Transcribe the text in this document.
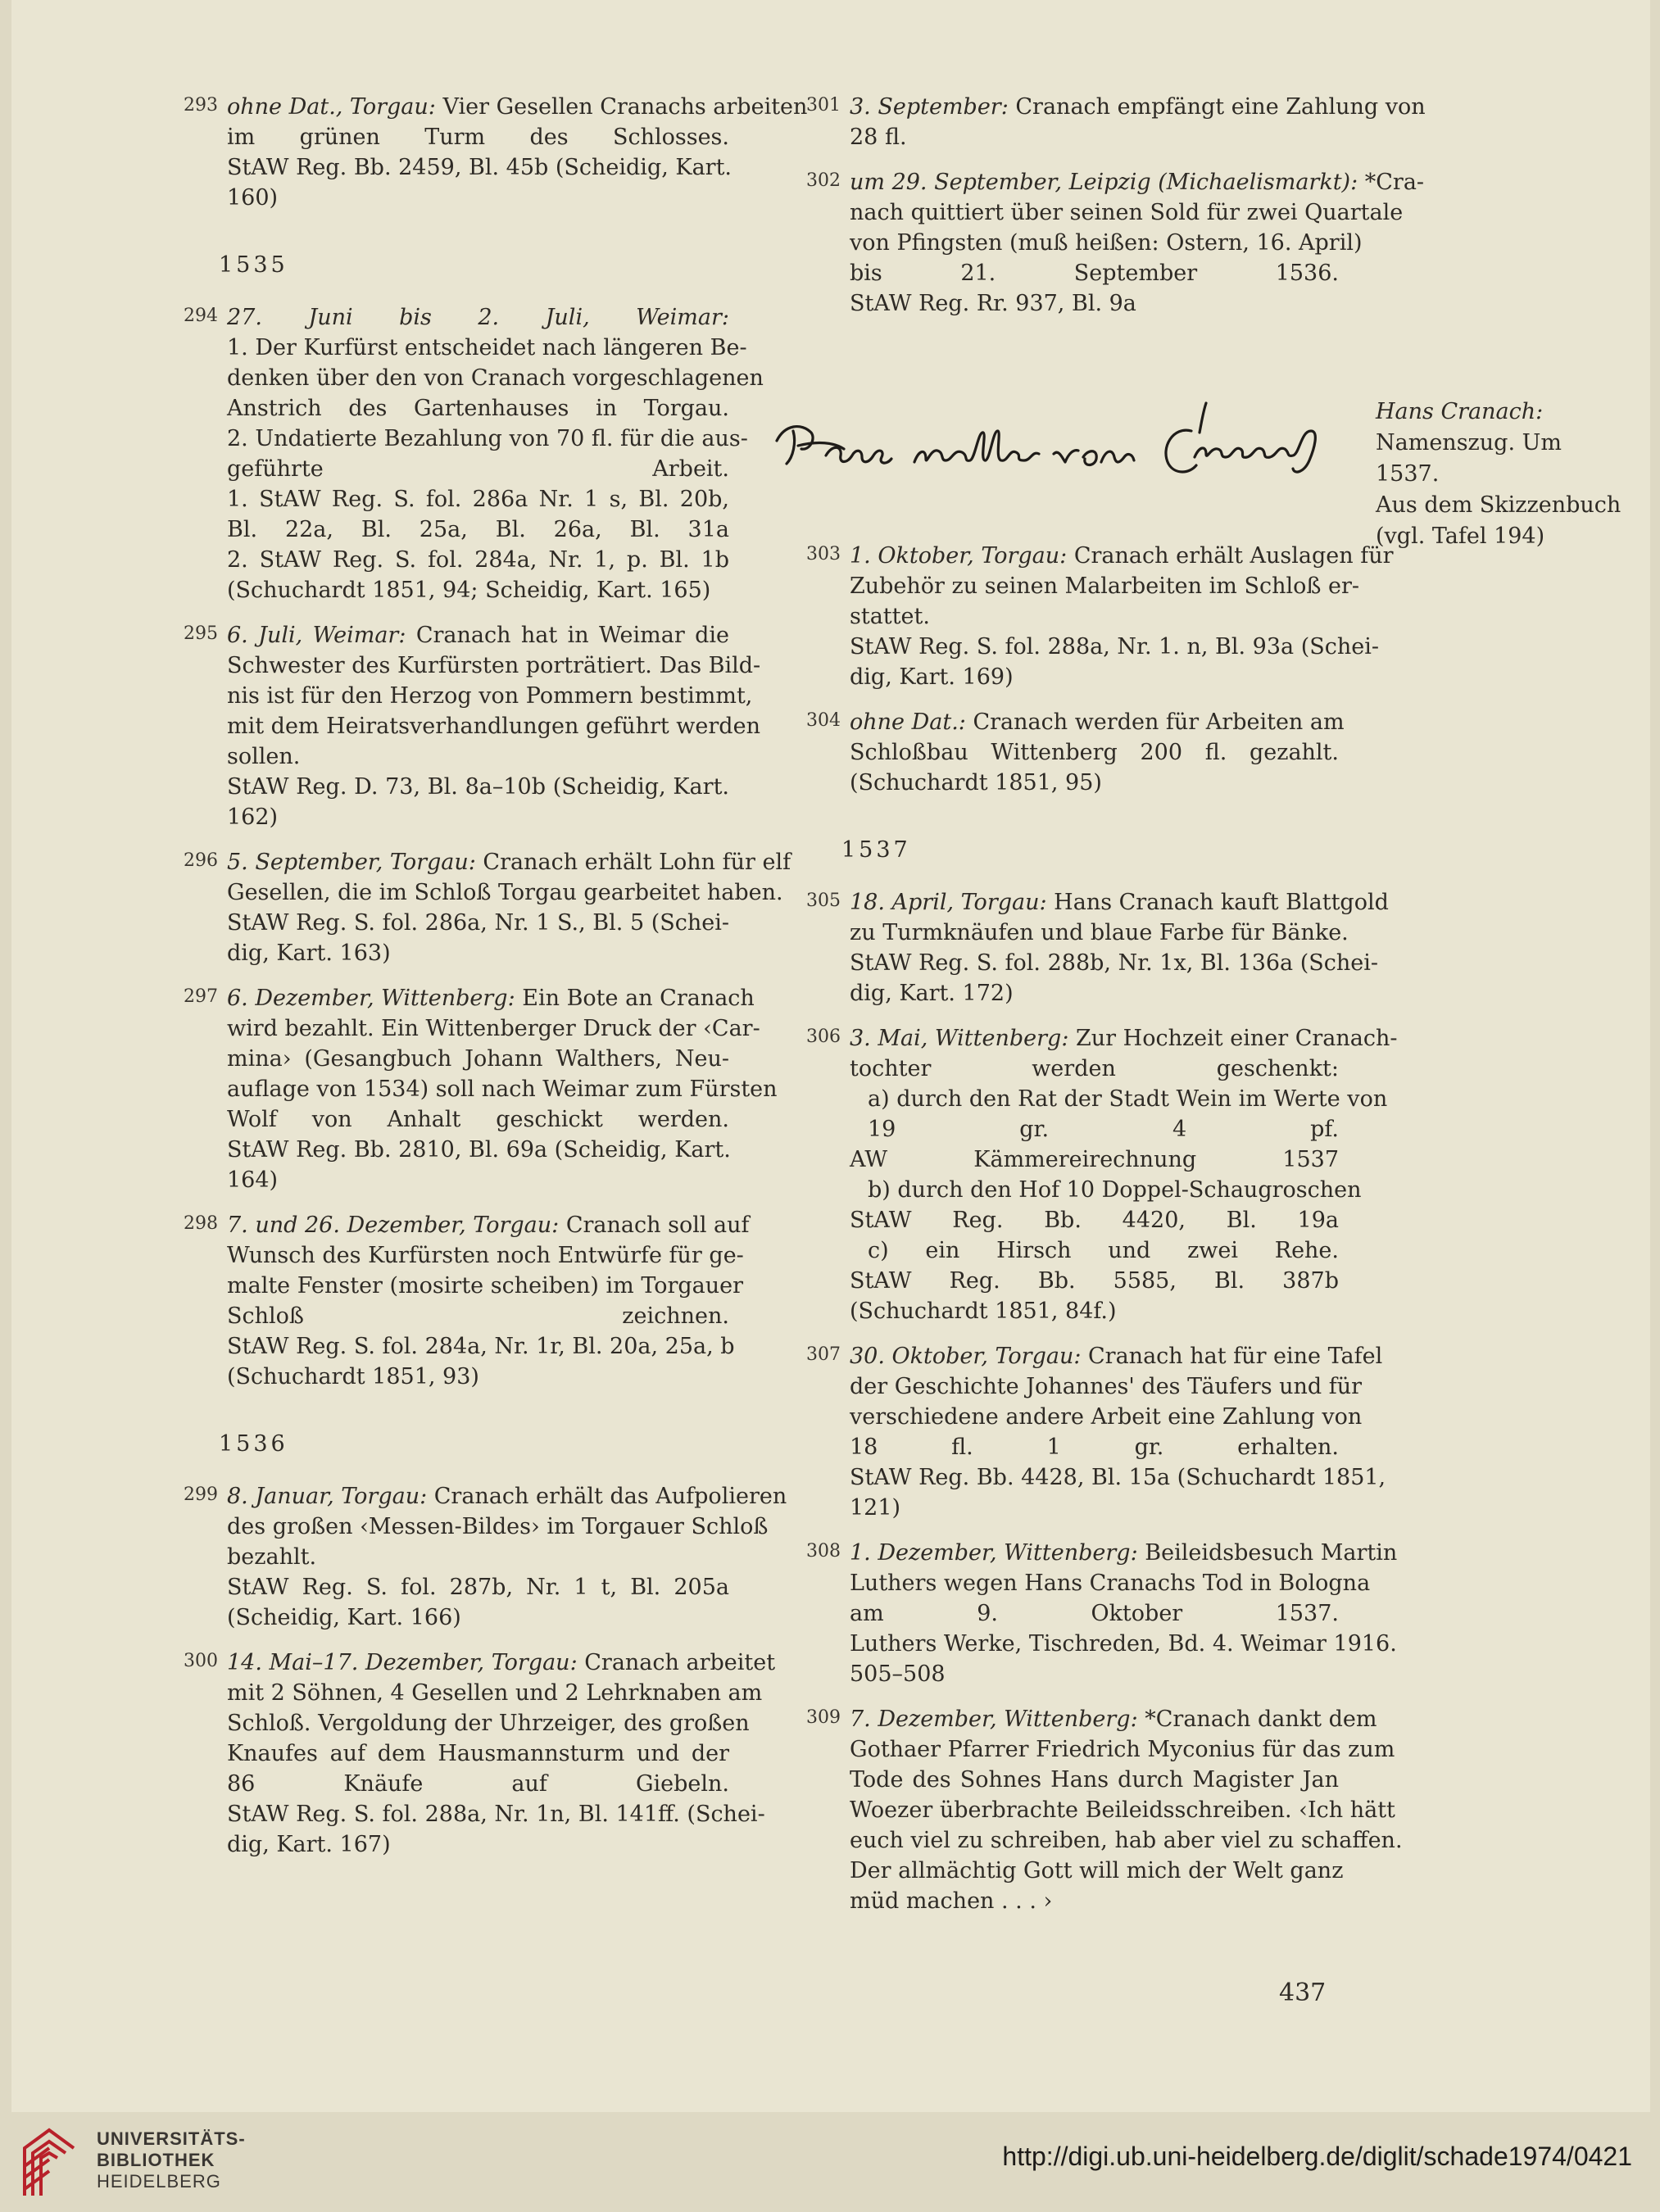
293 ohne Dat., Torgau: Vier Gesellen Cranachs arbeiten
im grünen Turm des Schlosses.
StAW Reg. Bb. 2459, Bl. 45b (Scheidig, Kart.
160)
1535
294 27. Juni bis 2. Juli, Weimar:
1. Der Kurfürst entscheidet nach längeren Be-
denken über den von Cranach vorgeschlagenen
Anstrich des Gartenhauses in Torgau.
2. Undatierte Bezahlung von 70 fl. für die aus-
geführte Arbeit.
1. StAW Reg. S. fol. 286a Nr. 1 s, Bl. 20b,
Bl. 22a, Bl. 25a, Bl. 26a, Bl. 31a
2. StAW Reg. S. fol. 284a, Nr. 1, p. Bl. 1b
(Schuchardt 1851, 94; Scheidig, Kart. 165)
295 6. Juli, Weimar: Cranach hat in Weimar die
Schwester des Kurfürsten porträtiert. Das Bild-
nis ist für den Herzog von Pommern bestimmt,
mit dem Heiratsverhandlungen geführt werden
sollen.
StAW Reg. D. 73, Bl. 8a–10b (Scheidig, Kart.
162)
296 5. September, Torgau: Cranach erhält Lohn für elf
Gesellen, die im Schloß Torgau gearbeitet haben.
StAW Reg. S. fol. 286a, Nr. 1 S., Bl. 5 (Schei-
dig, Kart. 163)
297 6. Dezember, Wittenberg: Ein Bote an Cranach
wird bezahlt. Ein Wittenberger Druck der ‹Car-
mina› (Gesangbuch Johann Walthers, Neu-
auflage von 1534) soll nach Weimar zum Fürsten
Wolf von Anhalt geschickt werden.
StAW Reg. Bb. 2810, Bl. 69a (Scheidig, Kart.
164)
298 7. und 26. Dezember, Torgau: Cranach soll auf
Wunsch des Kurfürsten noch Entwürfe für ge-
malte Fenster (mosirte scheiben) im Torgauer
Schloß zeichnen.
StAW Reg. S. fol. 284a, Nr. 1r, Bl. 20a, 25a, b
(Schuchardt 1851, 93)
1536
299 8. Januar, Torgau: Cranach erhält das Aufpolieren
des großen ‹Messen-Bildes› im Torgauer Schloß
bezahlt.
StAW Reg. S. fol. 287b, Nr. 1 t, Bl. 205a
(Scheidig, Kart. 166)
300 14. Mai–17. Dezember, Torgau: Cranach arbeitet
mit 2 Söhnen, 4 Gesellen und 2 Lehrknaben am
Schloß. Vergoldung der Uhrzeiger, des großen
Knaufes auf dem Hausmannsturm und der
86 Knäufe auf Giebeln.
StAW Reg. S. fol. 288a, Nr. 1n, Bl. 141ff. (Schei-
dig, Kart. 167)
301 3. September: Cranach empfängt eine Zahlung von
28 fl.
302 um 29. September, Leipzig (Michaelismarkt): *Cra-
nach quittiert über seinen Sold für zwei Quartale
von Pfingsten (muß heißen: Ostern, 16. April)
bis 21. September 1536.
StAW Reg. Rr. 937, Bl. 9a
Hans Cranach:
Namenszug. Um 1537.
Aus dem Skizzenbuch
(vgl. Tafel 194)
303 1. Oktober, Torgau: Cranach erhält Auslagen für
Zubehör zu seinen Malarbeiten im Schloß er-
stattet.
StAW Reg. S. fol. 288a, Nr. 1. n, Bl. 93a (Schei-
dig, Kart. 169)
304 ohne Dat.: Cranach werden für Arbeiten am
Schloßbau Wittenberg 200 fl. gezahlt.
(Schuchardt 1851, 95)
1537
305 18. April, Torgau: Hans Cranach kauft Blattgold
zu Turmknäufen und blaue Farbe für Bänke.
StAW Reg. S. fol. 288b, Nr. 1x, Bl. 136a (Schei-
dig, Kart. 172)
306 3. Mai, Wittenberg: Zur Hochzeit einer Cranach-
tochter werden geschenkt:
a) durch den Rat der Stadt Wein im Werte von
19 gr. 4 pf.
AW Kämmereirechnung 1537
b) durch den Hof 10 Doppel-Schaugroschen
StAW Reg. Bb. 4420, Bl. 19a
c) ein Hirsch und zwei Rehe.
StAW Reg. Bb. 5585, Bl. 387b
(Schuchardt 1851, 84f.)
307 30. Oktober, Torgau: Cranach hat für eine Tafel
der Geschichte Johannes' des Täufers und für
verschiedene andere Arbeit eine Zahlung von
18 fl. 1 gr. erhalten.
StAW Reg. Bb. 4428, Bl. 15a (Schuchardt 1851,
121)
308 1. Dezember, Wittenberg: Beileidsbesuch Martin
Luthers wegen Hans Cranachs Tod in Bologna
am 9. Oktober 1537.
Luthers Werke, Tischreden, Bd. 4. Weimar 1916.
505–508
309 7. Dezember, Wittenberg: *Cranach dankt dem
Gothaer Pfarrer Friedrich Myconius für das zum
Tode des Sohnes Hans durch Magister Jan
Woezer überbrachte Beileidsschreiben. ‹Ich hätt
euch viel zu schreiben, hab aber viel zu schaffen.
Der allmächtig Gott will mich der Welt ganz
müd machen . . . ›
437
UNIVERSITÄTS-
BIBLIOTHEK
HEIDELBERG
http://digi.ub.uni-heidelberg.de/diglit/schade1974/0421
